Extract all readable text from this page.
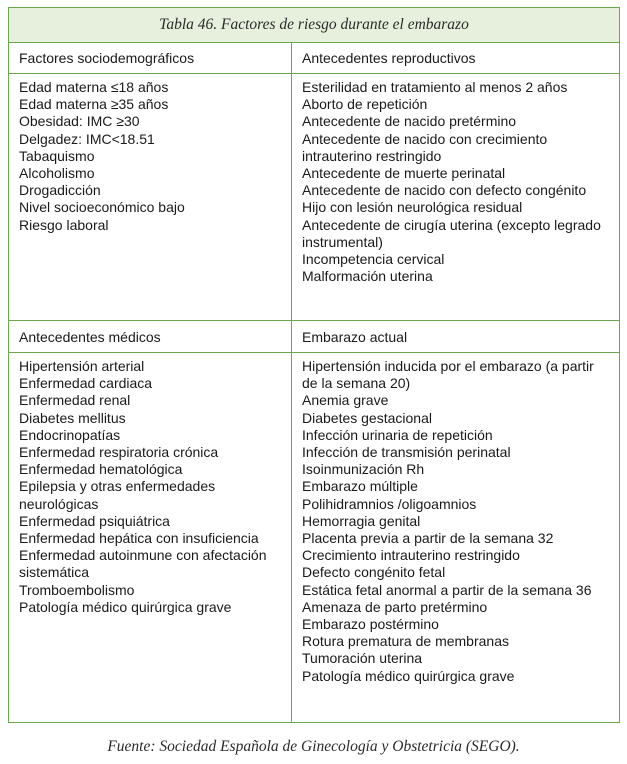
Tabla 46. Factores de riesgo durante el embarazo
Factores sociodemográficos	Antecedentes reproductivos
Edad materna ≤18 años
Edad materna ≥35 años
Obesidad: IMC ≥30
Delgadez: IMC<18.51
Tabaquismo
Alcoholismo
Drogadicción
Nivel socioeconómico bajo
Riesgo laboral
Esterilidad en tratamiento al menos 2 años
Aborto de repetición
Antecedente de nacido pretérmino
Antecedente de nacido con crecimiento
intrauterino restringido
Antecedente de muerte perinatal
Antecedente de nacido con defecto congénito
Hijo con lesión neurológica residual
Antecedente de cirugía uterina (excepto legrado
instrumental)
Incompetencia cervical
Malformación uterina
Antecedentes médicos	Embarazo actual
Hipertensión arterial
Enfermedad cardiaca
Enfermedad renal
Diabetes mellitus
Endocrinopatías
Enfermedad respiratoria crónica
Enfermedad hematológica
Epilepsia y otras enfermedades
neurológicas
Enfermedad psiquiátrica
Enfermedad hepática con insuficiencia
Enfermedad autoinmune con afectación
sistemática
Tromboembolismo
Patología médico quirúrgica grave
Hipertensión inducida por el embarazo (a partir
de la semana 20)
Anemia grave
Diabetes gestacional
Infección urinaria de repetición
Infección de transmisión perinatal
Isoinmunización Rh
Embarazo múltiple
Polihidramnios /oligoamnios
Hemorragia genital
Placenta previa a partir de la semana 32
Crecimiento intrauterino restringido
Defecto congénito fetal
Estática fetal anormal a partir de la semana 36
Amenaza de parto pretérmino
Embarazo postérmino
Rotura prematura de membranas
Tumoración uterina
Patología médico quirúrgica grave
Fuente: Sociedad Española de Ginecología y Obstetricia (SEGO).
